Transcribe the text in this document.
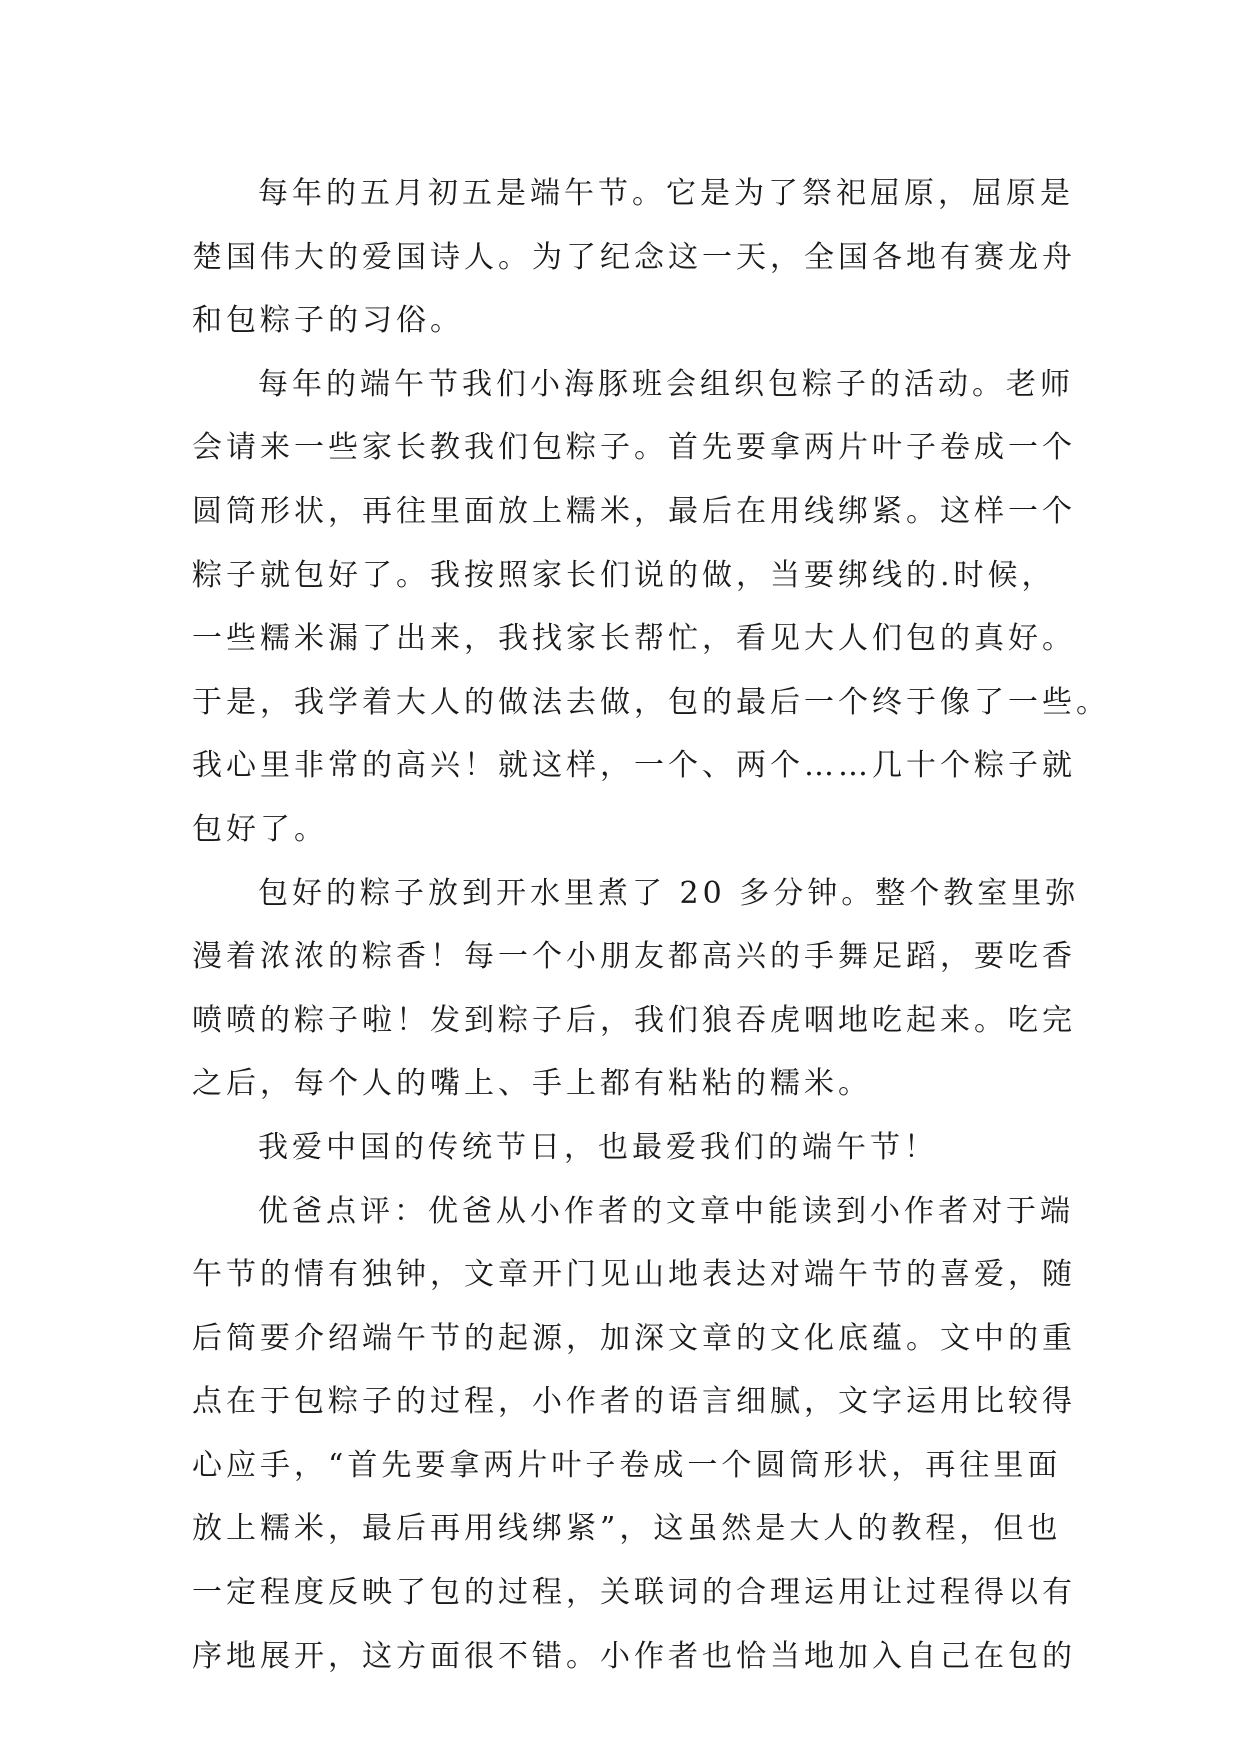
每年的五月初五是端午节。它是为了祭祀屈原，屈原是
楚国伟大的爱国诗人。为了纪念这一天，全国各地有赛龙舟
和包粽子的习俗。
每年的端午节我们小海豚班会组织包粽子的活动。老师
会请来一些家长教我们包粽子。首先要拿两片叶子卷成一个
圆筒形状，再往里面放上糯米，最后在用线绑紧。这样一个
粽子就包好了。我按照家长们说的做，当要绑线的.时候，
一些糯米漏了出来，我找家长帮忙，看见大人们包的真好。
于是，我学着大人的做法去做，包的最后一个终于像了一些。
我心里非常的高兴！就这样，一个、两个……几十个粽子就
包好了。
包好的粽子放到开水里煮了 20 多分钟。整个教室里弥
漫着浓浓的粽香！每一个小朋友都高兴的手舞足蹈，要吃香
喷喷的粽子啦！发到粽子后，我们狼吞虎咽地吃起来。吃完
之后，每个人的嘴上、手上都有粘粘的糯米。
我爱中国的传统节日，也最爱我们的端午节！
优爸点评：优爸从小作者的文章中能读到小作者对于端
午节的情有独钟，文章开门见山地表达对端午节的喜爱，随
后简要介绍端午节的起源，加深文章的文化底蕴。文中的重
点在于包粽子的过程，小作者的语言细腻，文字运用比较得
心应手，“首先要拿两片叶子卷成一个圆筒形状，再往里面
放上糯米，最后再用线绑紧”，这虽然是大人的教程，但也
一定程度反映了包的过程，关联词的合理运用让过程得以有
序地展开，这方面很不错。小作者也恰当地加入自己在包的
